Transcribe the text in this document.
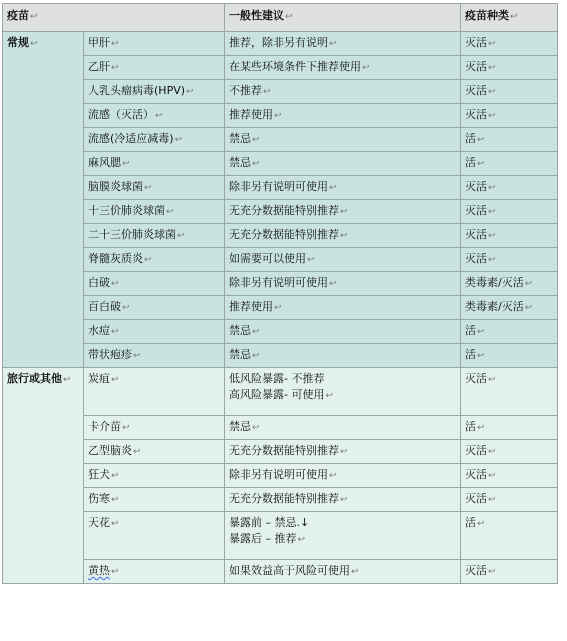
疫苗↩		一般性建议↩	疫苗种类↩
常规↩	甲肝↩	推荐，除非另有说明↩	灭活↩
	乙肝↩	在某些环境条件下推荐使用↩	灭活↩
	人乳头瘤病毒(HPV)↩	不推荐↩	灭活↩
	流感（灭活）↩	推荐使用↩	灭活↩
	流感(冷适应减毒)↩	禁忌↩	活↩
	麻风腮↩	禁忌↩	活↩
	脑膜炎球菌↩	除非另有说明可使用↩	灭活↩
	十三价肺炎球菌↩	无充分数据能特别推荐↩	灭活↩
	二十三价肺炎球菌↩	无充分数据能特别推荐↩	灭活↩
	脊髓灰质炎↩	如需要可以使用↩	灭活↩
	白破↩	除非另有说明可使用↩	类毒素/灭活↩
	百白破↩	推荐使用↩	类毒素/灭活↩
	水痘↩	禁忌↩	活↩
	带状疱疹↩	禁忌↩	活↩
旅行或其他↩	炭疽↩	低风险暴露- 不推荐
高风险暴露- 可使用↩	灭活↩
	卡介苗↩	禁忌↩	活↩
	乙型脑炎↩	无充分数据能特别推荐↩	灭活↩
	狂犬↩	除非另有说明可使用↩	灭活↩
	伤寒↩	无充分数据能特别推荐↩	灭活↩
	天花↩	暴露前 – 禁忌.↓
暴露后 – 推荐↩	活↩
	黄热↩	如果效益高于风险可使用↩	灭活↩
